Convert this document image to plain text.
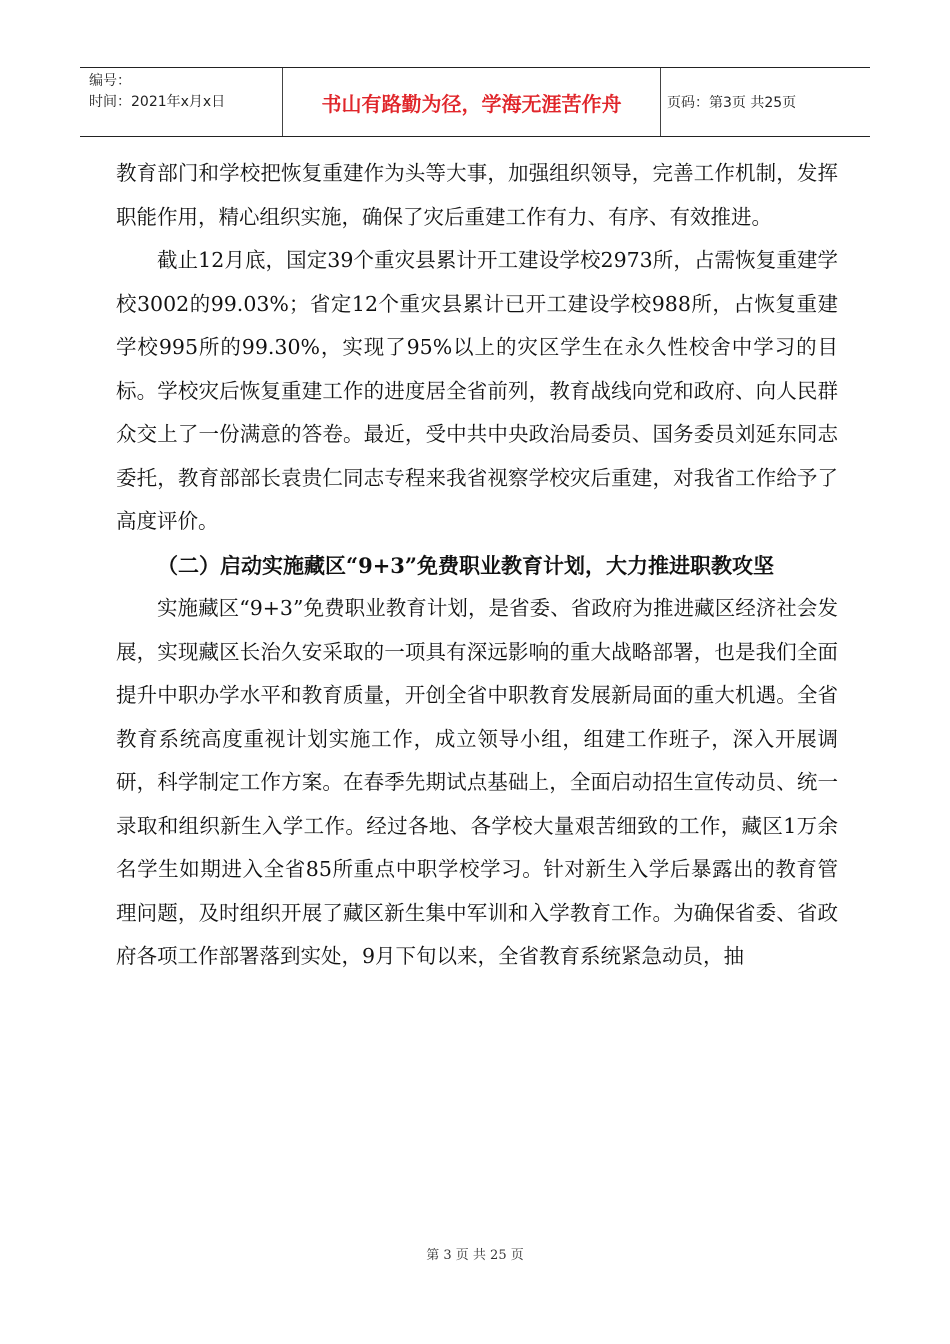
编号：
时间：2021年x月x日	书山有路勤为径，学海无涯苦作舟	页码：第3页 共25页

教育部门和学校把恢复重建作为头等大事，加强组织领导，完善工作机制，发挥职能作用，精心组织实施，确保了灾后重建工作有力、有序、有效推进。

截止12月底，国定39个重灾县累计开工建设学校2973所，占需恢复重建学校3002的99.03%；省定12个重灾县累计已开工建设学校988所，占恢复重建学校995所的99.30%，实现了95%以上的灾区学生在永久性校舍中学习的目标。学校灾后恢复重建工作的进度居全省前列，教育战线向党和政府、向人民群众交上了一份满意的答卷。最近，受中共中央政治局委员、国务委员刘延东同志委托，教育部部长袁贵仁同志专程来我省视察学校灾后重建，对我省工作给予了高度评价。

（二）启动实施藏区“9+3”免费职业教育计划，大力推进职教攻坚

实施藏区“9+3”免费职业教育计划，是省委、省政府为推进藏区经济社会发展，实现藏区长治久安采取的一项具有深远影响的重大战略部署，也是我们全面提升中职办学水平和教育质量，开创全省中职教育发展新局面的重大机遇。全省教育系统高度重视计划实施工作，成立领导小组，组建工作班子，深入开展调研，科学制定工作方案。在春季先期试点基础上，全面启动招生宣传动员、统一录取和组织新生入学工作。经过各地、各学校大量艰苦细致的工作，藏区1万余名学生如期进入全省85所重点中职学校学习。针对新生入学后暴露出的教育管理问题，及时组织开展了藏区新生集中军训和入学教育工作。为确保省委、省政府各项工作部署落到实处，9月下旬以来，全省教育系统紧急动员，抽

第 3 页 共 25 页
